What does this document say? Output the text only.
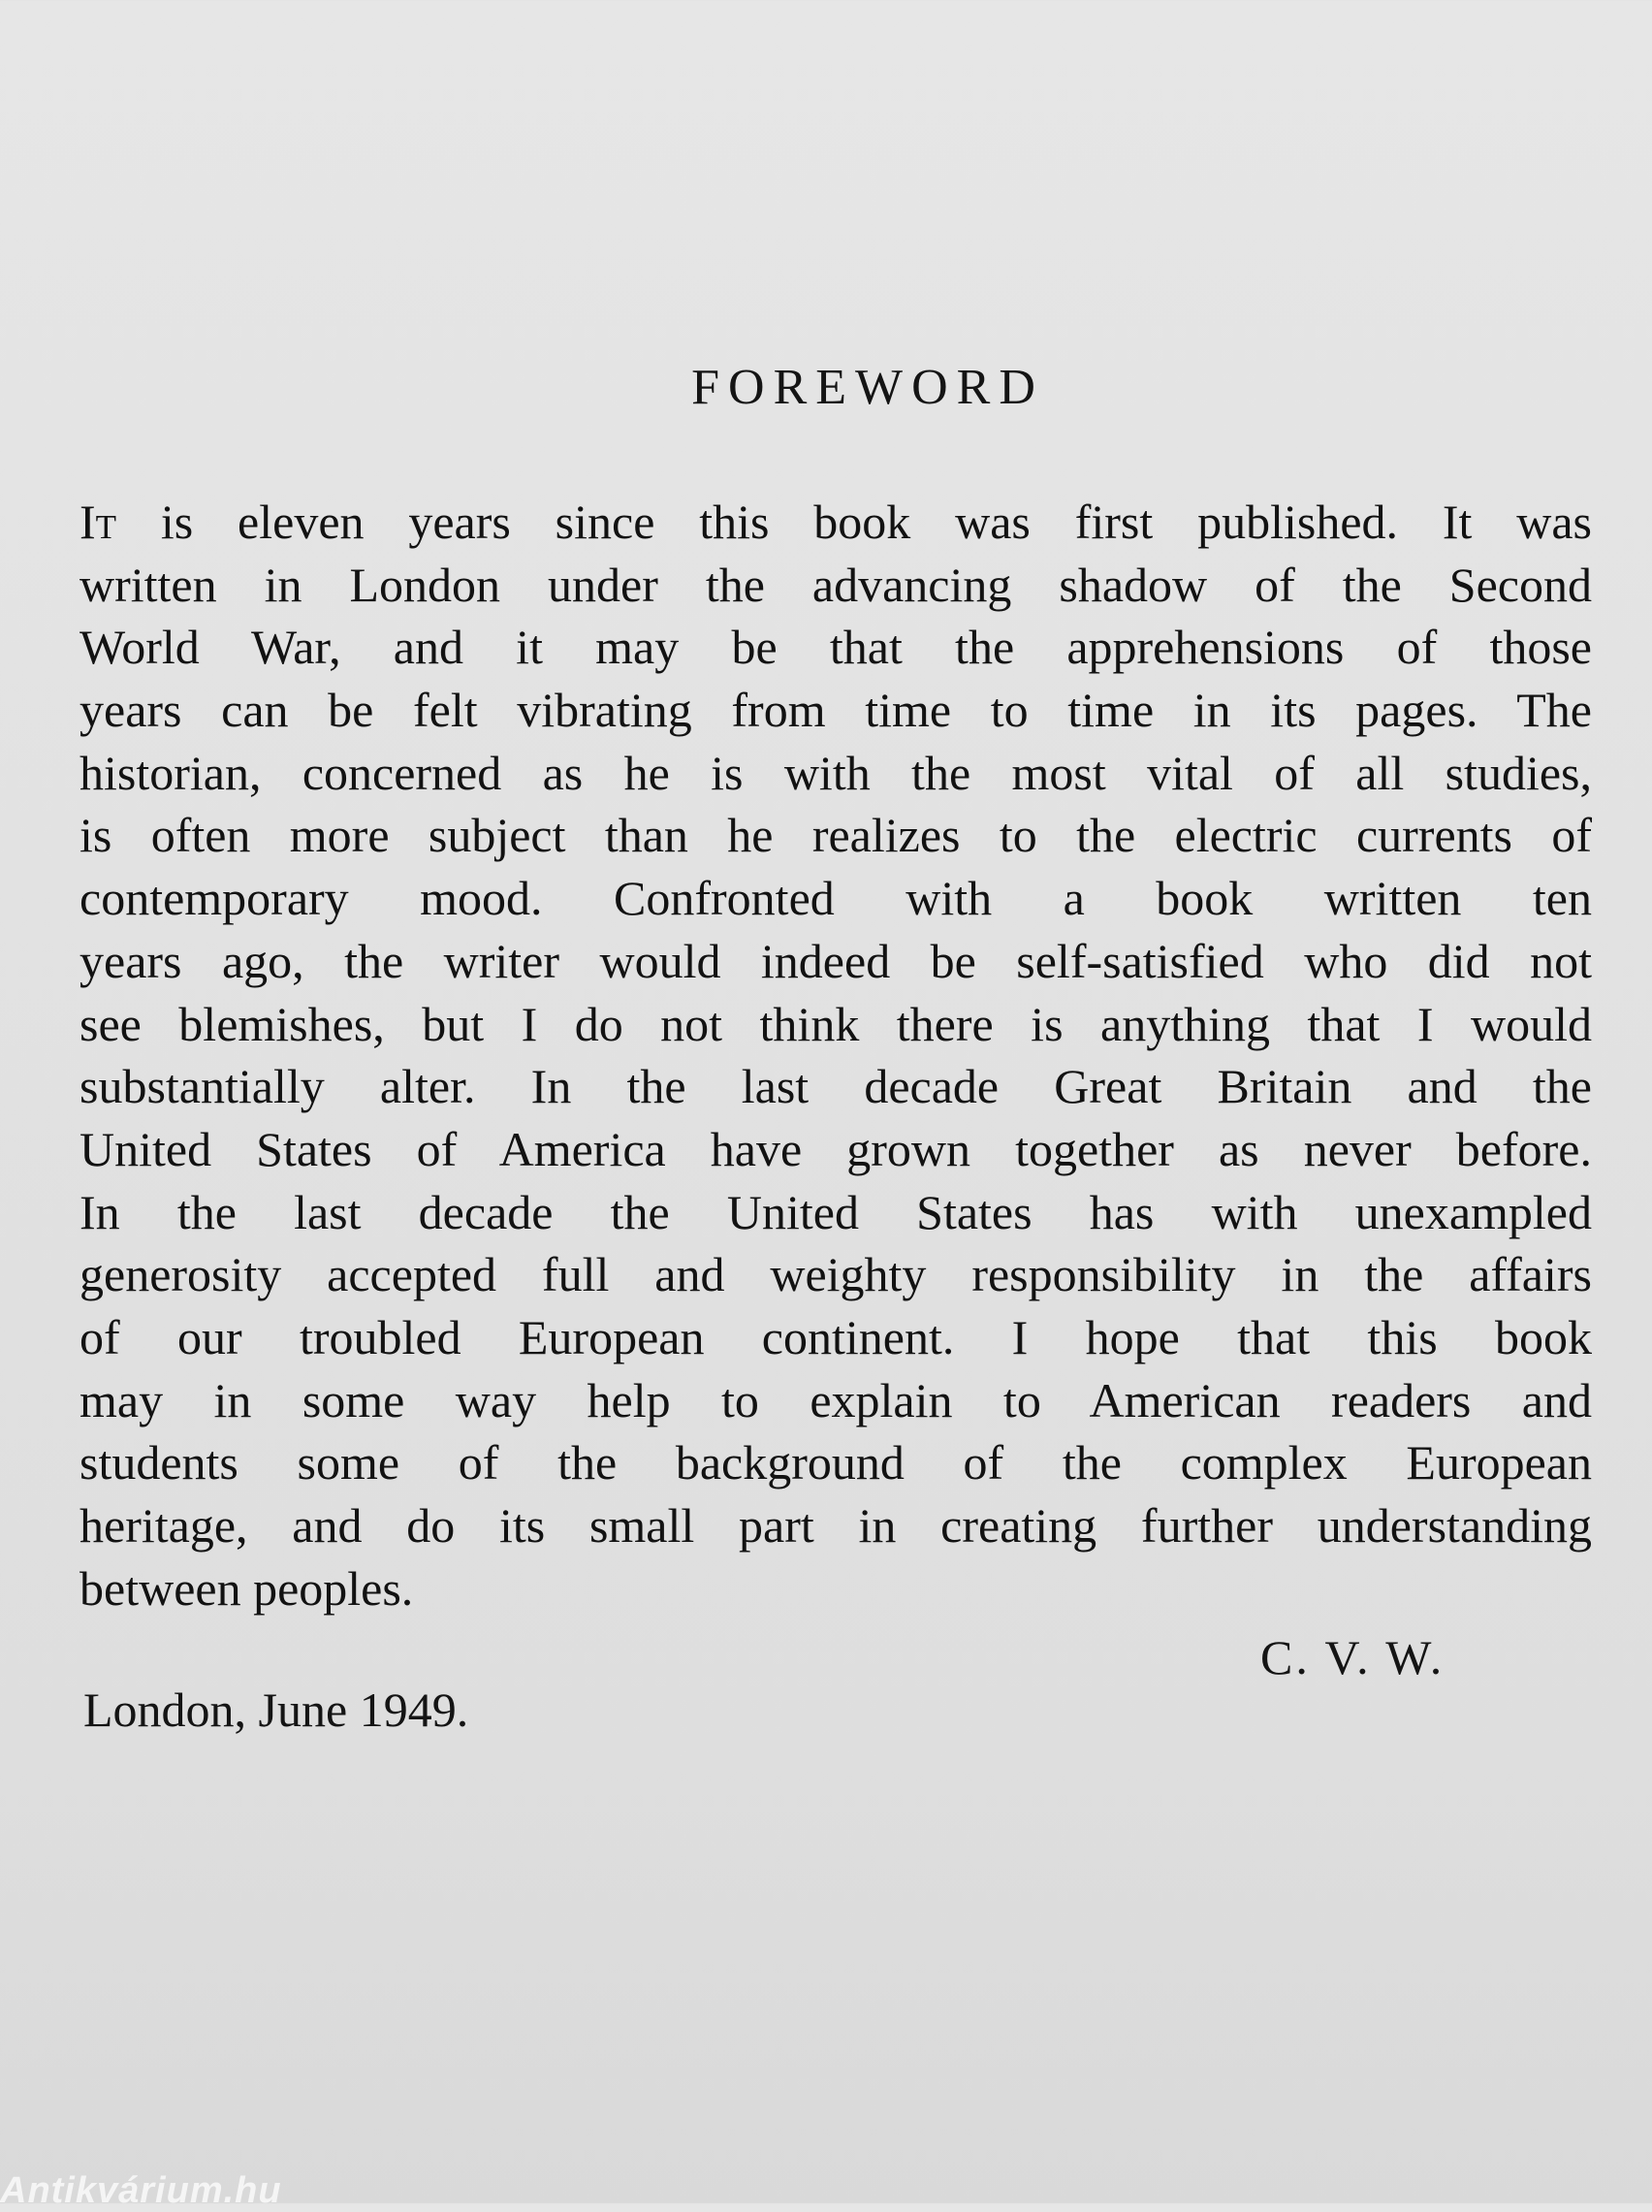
FOREWORD
It is eleven years since this book was first published. It was
written in London under the advancing shadow of the Second
World War, and it may be that the apprehensions of those
years can be felt vibrating from time to time in its pages. The
historian, concerned as he is with the most vital of all studies,
is often more subject than he realizes to the electric currents of
contemporary mood. Confronted with a book written ten
years ago, the writer would indeed be self-satisfied who did not
see blemishes, but I do not think there is anything that I would
substantially alter. In the last decade Great Britain and the
United States of America have grown together as never before.
In the last decade the United States has with unexampled
generosity accepted full and weighty responsibility in the affairs
of our troubled European continent. I hope that this book
may in some way help to explain to American readers and
students some of the background of the complex European
heritage, and do its small part in creating further understanding
between peoples.
C. V. W.
London, June 1949.
Antikvárium.hu
